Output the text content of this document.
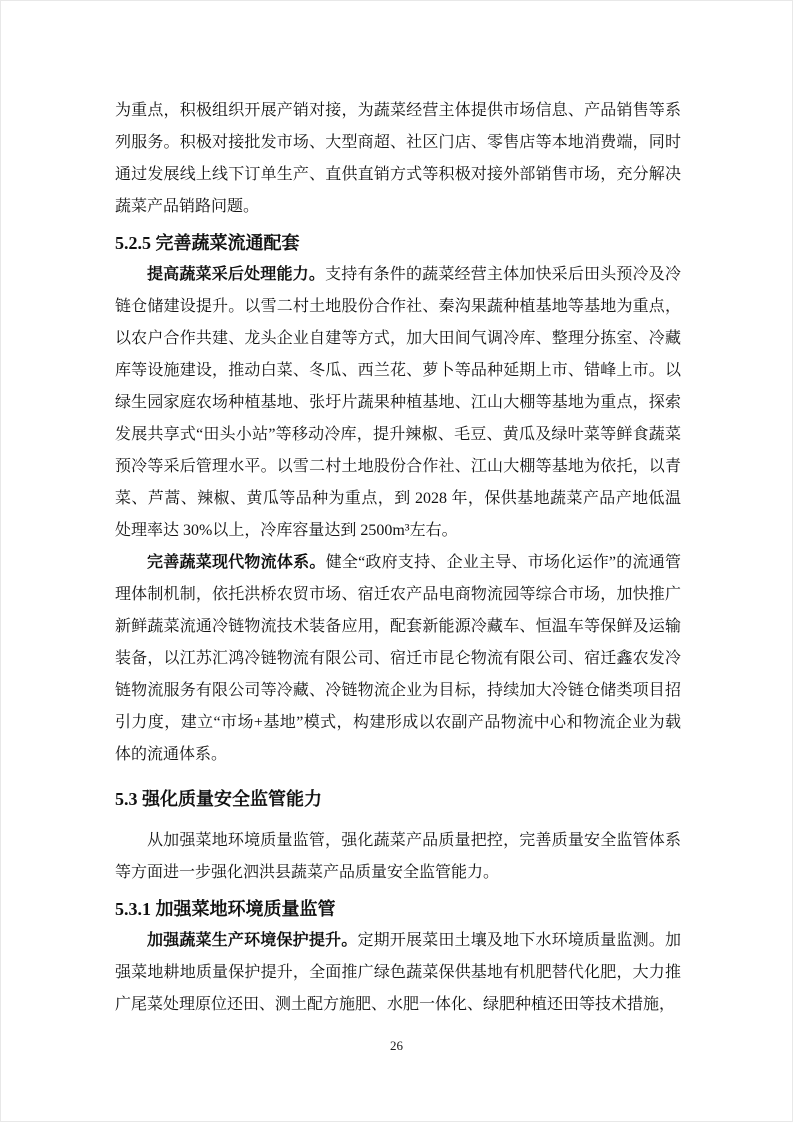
为重点，积极组织开展产销对接，为蔬菜经营主体提供市场信息、产品销售等系列服务。积极对接批发市场、大型商超、社区门店、零售店等本地消费端，同时通过发展线上线下订单生产、直供直销方式等积极对接外部销售市场，充分解决蔬菜产品销路问题。

5.2.5 完善蔬菜流通配套

提高蔬菜采后处理能力。支持有条件的蔬菜经营主体加快采后田头预冷及冷链仓储建设提升。以雪二村土地股份合作社、秦沟果蔬种植基地等基地为重点，以农户合作共建、龙头企业自建等方式，加大田间气调冷库、整理分拣室、冷藏库等设施建设，推动白菜、冬瓜、西兰花、萝卜等品种延期上市、错峰上市。以绿生园家庭农场种植基地、张圩片蔬果种植基地、江山大棚等基地为重点，探索发展共享式“田头小站”等移动冷库，提升辣椒、毛豆、黄瓜及绿叶菜等鲜食蔬菜预冷等采后管理水平。以雪二村土地股份合作社、江山大棚等基地为依托，以青菜、芦蒿、辣椒、黄瓜等品种为重点，到 2028 年，保供基地蔬菜产品产地低温处理率达 30%以上，冷库容量达到 2500m³左右。

完善蔬菜现代物流体系。健全“政府支持、企业主导、市场化运作”的流通管理体制机制，依托洪桥农贸市场、宿迁农产品电商物流园等综合市场，加快推广新鲜蔬菜流通冷链物流技术装备应用，配套新能源冷藏车、恒温车等保鲜及运输装备，以江苏汇鸿冷链物流有限公司、宿迁市昆仑物流有限公司、宿迁鑫农发冷链物流服务有限公司等冷藏、冷链物流企业为目标，持续加大冷链仓储类项目招引力度，建立“市场+基地”模式，构建形成以农副产品物流中心和物流企业为载体的流通体系。

5.3 强化质量安全监管能力

从加强菜地环境质量监管，强化蔬菜产品质量把控，完善质量安全监管体系等方面进一步强化泗洪县蔬菜产品质量安全监管能力。

5.3.1 加强菜地环境质量监管

加强蔬菜生产环境保护提升。定期开展菜田土壤及地下水环境质量监测。加强菜地耕地质量保护提升，全面推广绿色蔬菜保供基地有机肥替代化肥，大力推广尾菜处理原位还田、测土配方施肥、水肥一体化、绿肥种植还田等技术措施，

26
